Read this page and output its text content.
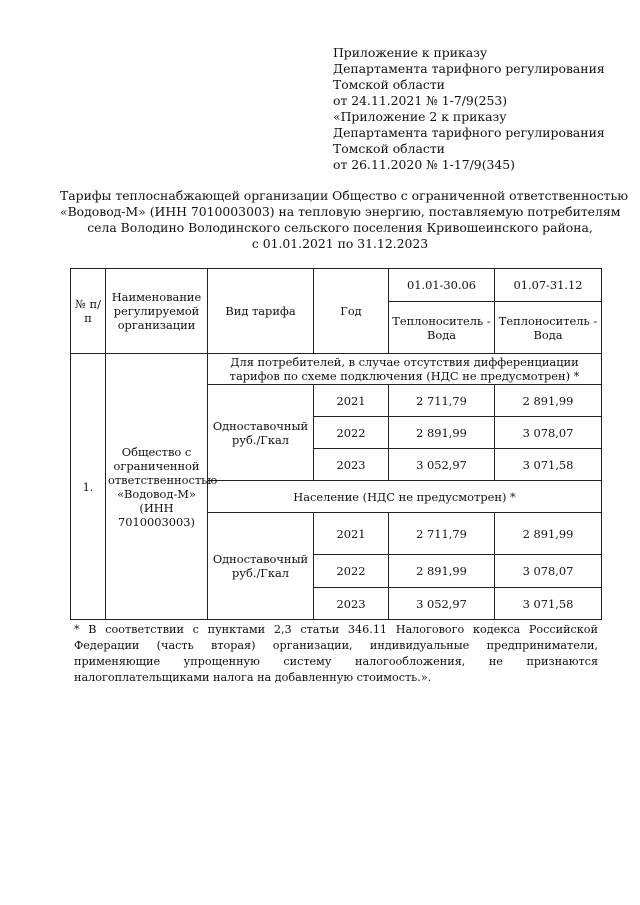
Приложение к приказу
Департамента тарифного регулирования
Томской области
от 24.11.2021 № 1-7/9(253)
«Приложение 2 к приказу
Департамента тарифного регулирования
Томской области
от 26.11.2020 № 1-17/9(345)
Тарифы теплоснабжающей организации Общество с ограниченной ответственностью
«Водовод-М» (ИНН 7010003003) на тепловую энергию, поставляемую потребителям
села Володино Володинского сельского поселения Кривошеинского района,
с 01.01.2021 по 31.12.2023
№ п/п	Наименование регулируемой организации	Вид тарифа	Год	01.01-30.06	01.07-31.12
				Теплоноситель - Вода	Теплоноситель - Вода
1.	Общество с ограниченной ответственностью «Водовод-М» (ИНН 7010003003)	Для потребителей, в случае отсутствия дифференциации тарифов по схеме подключения (НДС не предусмотрен) *			
		Одноставочный руб./Гкал	2021	2 711,79	2 891,99
			2022	2 891,99	3 078,07
			2023	3 052,97	3 071,58
		Население (НДС не предусмотрен) *			
		Одноставочный руб./Гкал	2021	2 711,79	2 891,99
			2022	2 891,99	3 078,07
			2023	3 052,97	3 071,58
* В соответствии с пунктами 2,3 статьи 346.11 Налогового кодекса Российской Федерации (часть вторая) организации, индивидуальные предприниматели, применяющие упрощенную систему налогообложения, не признаются налогоплательщиками налога на добавленную стоимость.».
